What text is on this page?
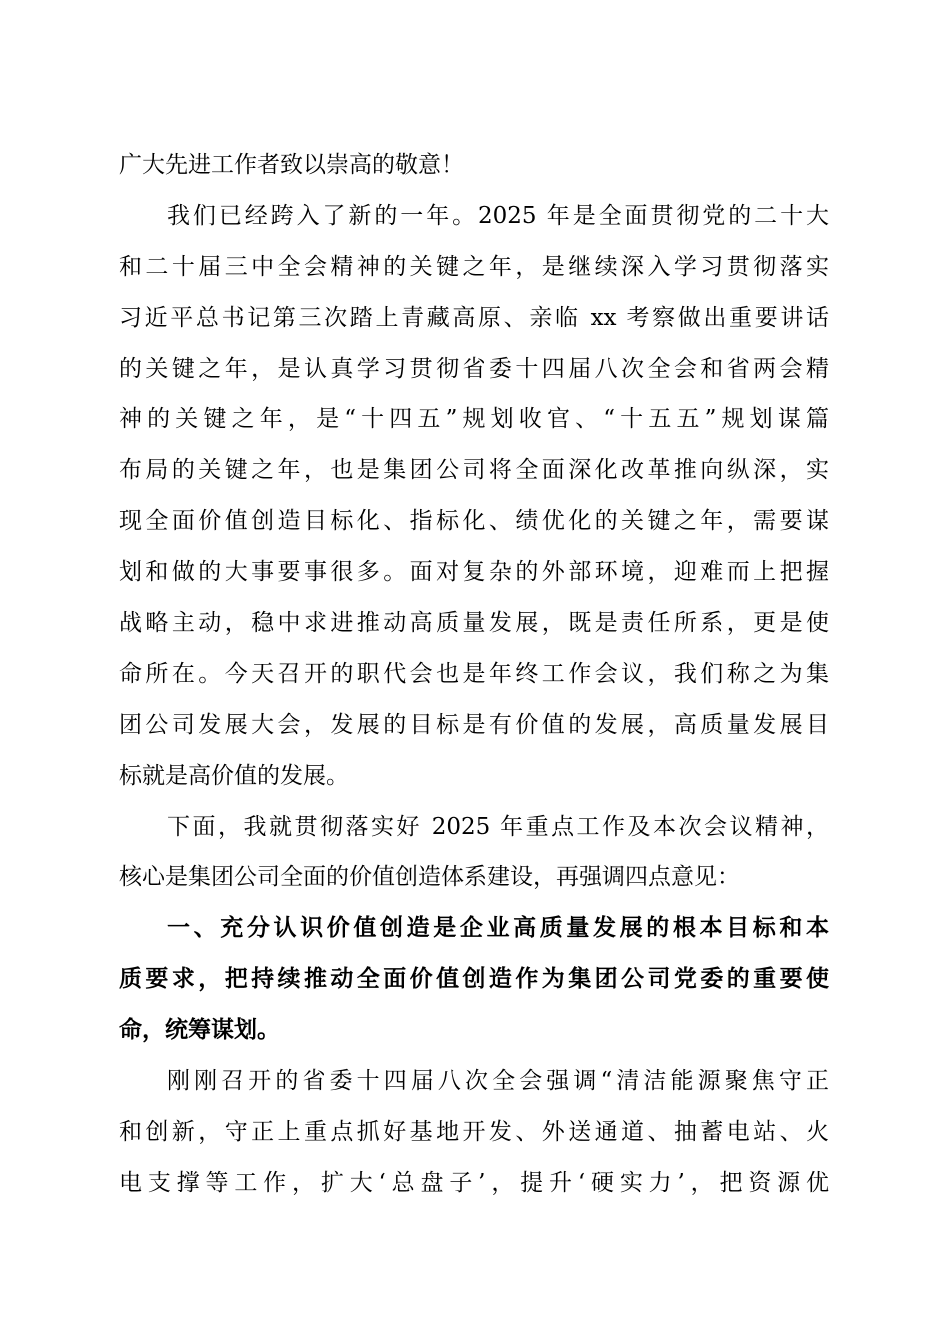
广大先进工作者致以崇高的敬意！
我们已经跨入了新的一年。2025 年是全面贯彻党的二十大
和二十届三中全会精神的关键之年，是继续深入学习贯彻落实
习近平总书记第三次踏上青藏高原、亲临 xx 考察做出重要讲话
的关键之年，是认真学习贯彻省委十四届八次全会和省两会精
神的关键之年，是“十四五”规划收官、“十五五”规划谋篇
布局的关键之年，也是集团公司将全面深化改革推向纵深，实
现全面价值创造目标化、指标化、绩优化的关键之年，需要谋
划和做的大事要事很多。面对复杂的外部环境，迎难而上把握
战略主动，稳中求进推动高质量发展，既是责任所系，更是使
命所在。今天召开的职代会也是年终工作会议，我们称之为集
团公司发展大会，发展的目标是有价值的发展，高质量发展目
标就是高价值的发展。
下面，我就贯彻落实好 2025 年重点工作及本次会议精神，
核心是集团公司全面的价值创造体系建设，再强调四点意见：
一、充分认识价值创造是企业高质量发展的根本目标和本
质要求，把持续推动全面价值创造作为集团公司党委的重要使
命，统筹谋划。
刚刚召开的省委十四届八次全会强调“清洁能源聚焦守正
和创新，守正上重点抓好基地开发、外送通道、抽蓄电站、火
电支撑等工作，扩大‘总盘子’，提升‘硬实力’，把资源优
